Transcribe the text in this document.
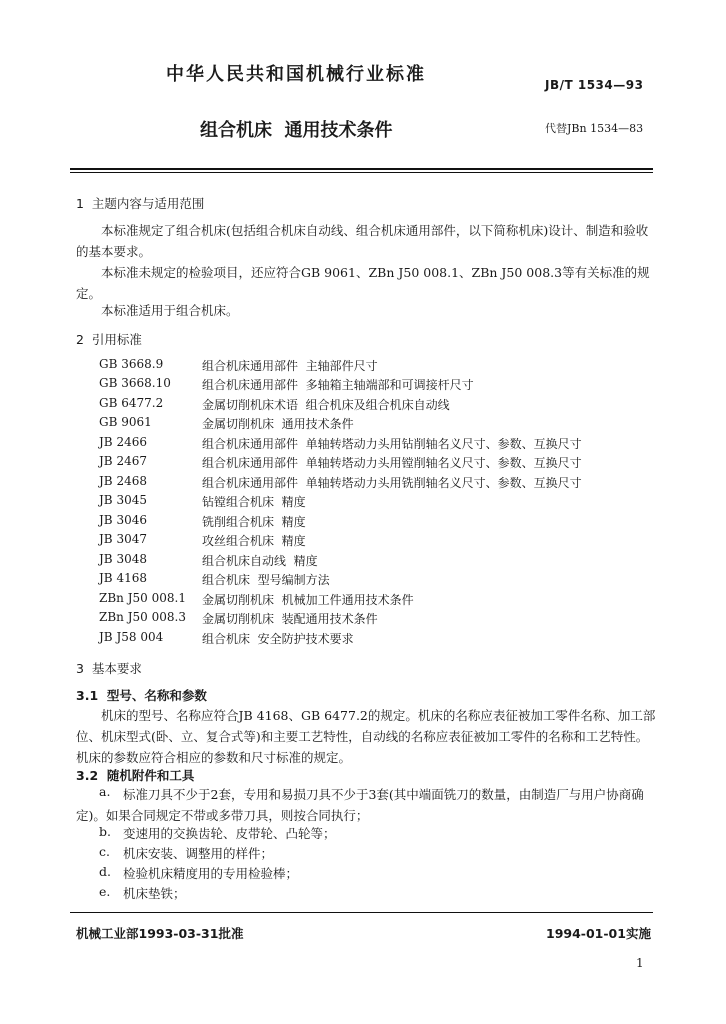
中华人民共和国机械行业标准	JB/T 1534—93
组合机床  通用技术条件	代替JBn 1534—83
1  主题内容与适用范围
本标准规定了组合机床(包括组合机床自动线、组合机床通用部件，以下简称机床)设计、制造和验收的基本要求。
本标准未规定的检验项目，还应符合GB 9061、ZBn J50 008.1、ZBn J50 008.3等有关标准的规定。
本标准适用于组合机床。
2  引用标准
GB 3668.9	组合机床通用部件  主轴部件尺寸
GB 3668.10	组合机床通用部件  多轴箱主轴端部和可调接杆尺寸
GB 6477.2	金属切削机床术语  组合机床及组合机床自动线
GB 9061	金属切削机床  通用技术条件
JB 2466	组合机床通用部件  单轴转塔动力头用钻削轴名义尺寸、参数、互换尺寸
JB 2467	组合机床通用部件  单轴转塔动力头用镗削轴名义尺寸、参数、互换尺寸
JB 2468	组合机床通用部件  单轴转塔动力头用铣削轴名义尺寸、参数、互换尺寸
JB 3045	钻镗组合机床  精度
JB 3046	铣削组合机床  精度
JB 3047	攻丝组合机床  精度
JB 3048	组合机床自动线  精度
JB 4168	组合机床  型号编制方法
ZBn J50 008.1 金属切削机床  机械加工件通用技术条件
ZBn J50 008.3 金属切削机床  装配通用技术条件
JB J58 004	组合机床  安全防护技术要求
3  基本要求
3.1  型号、名称和参数
机床的型号、名称应符合JB 4168、GB 6477.2的规定。机床的名称应表征被加工零件名称、加工部位、机床型式(卧、立、复合式等)和主要工艺特性，自动线的名称应表征被加工零件的名称和工艺特性。机床的参数应符合相应的参数和尺寸标准的规定。
3.2  随机附件和工具
a.	标准刀具不少于2套，专用和易损刀具不少于3套(其中端面铣刀的数量，由制造厂与用户协商确定)。如果合同规定不带或多带刀具，则按合同执行；
b. 变速用的交换齿轮、皮带轮、凸轮等；
c. 机床安装、调整用的样件；
d. 检验机床精度用的专用检验棒；
e. 机床垫铁；
机械工业部1993-03-31批准	1994-01-01实施
1
